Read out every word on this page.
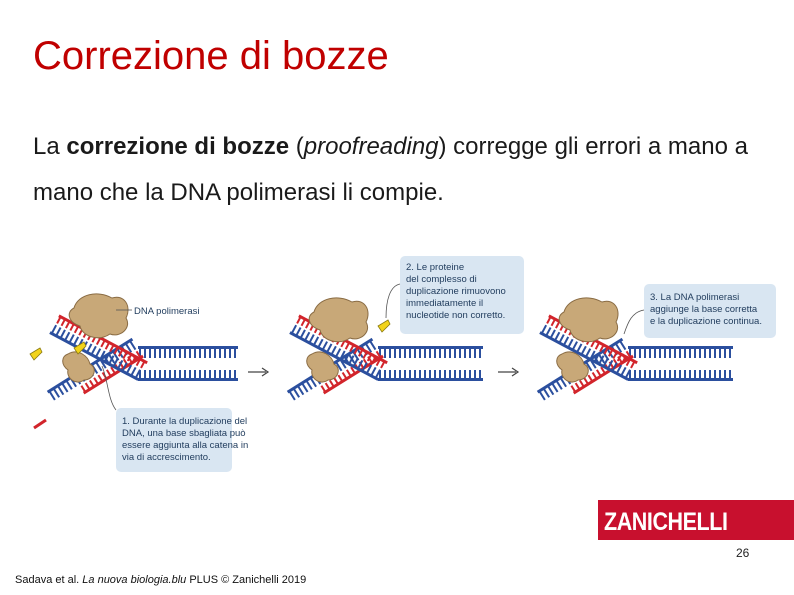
Correzione di bozze
La correzione di bozze (proofreading) corregge gli errori a mano a mano che la DNA polimerasi li compie.
1. Durante la duplicazione del DNA, una base sbagliata può essere aggiunta alla catena in via di accrescimento.
2. Le proteine del complesso di duplicazione rimuovono immediatamente il nucleotide non corretto.
3. La DNA polimerasi aggiunge la base corretta e la duplicazione continua.
DNA polimerasi
ZANICHELLI
26
Sadava et al. La nuova biologia.blu PLUS © Zanichelli 2019
